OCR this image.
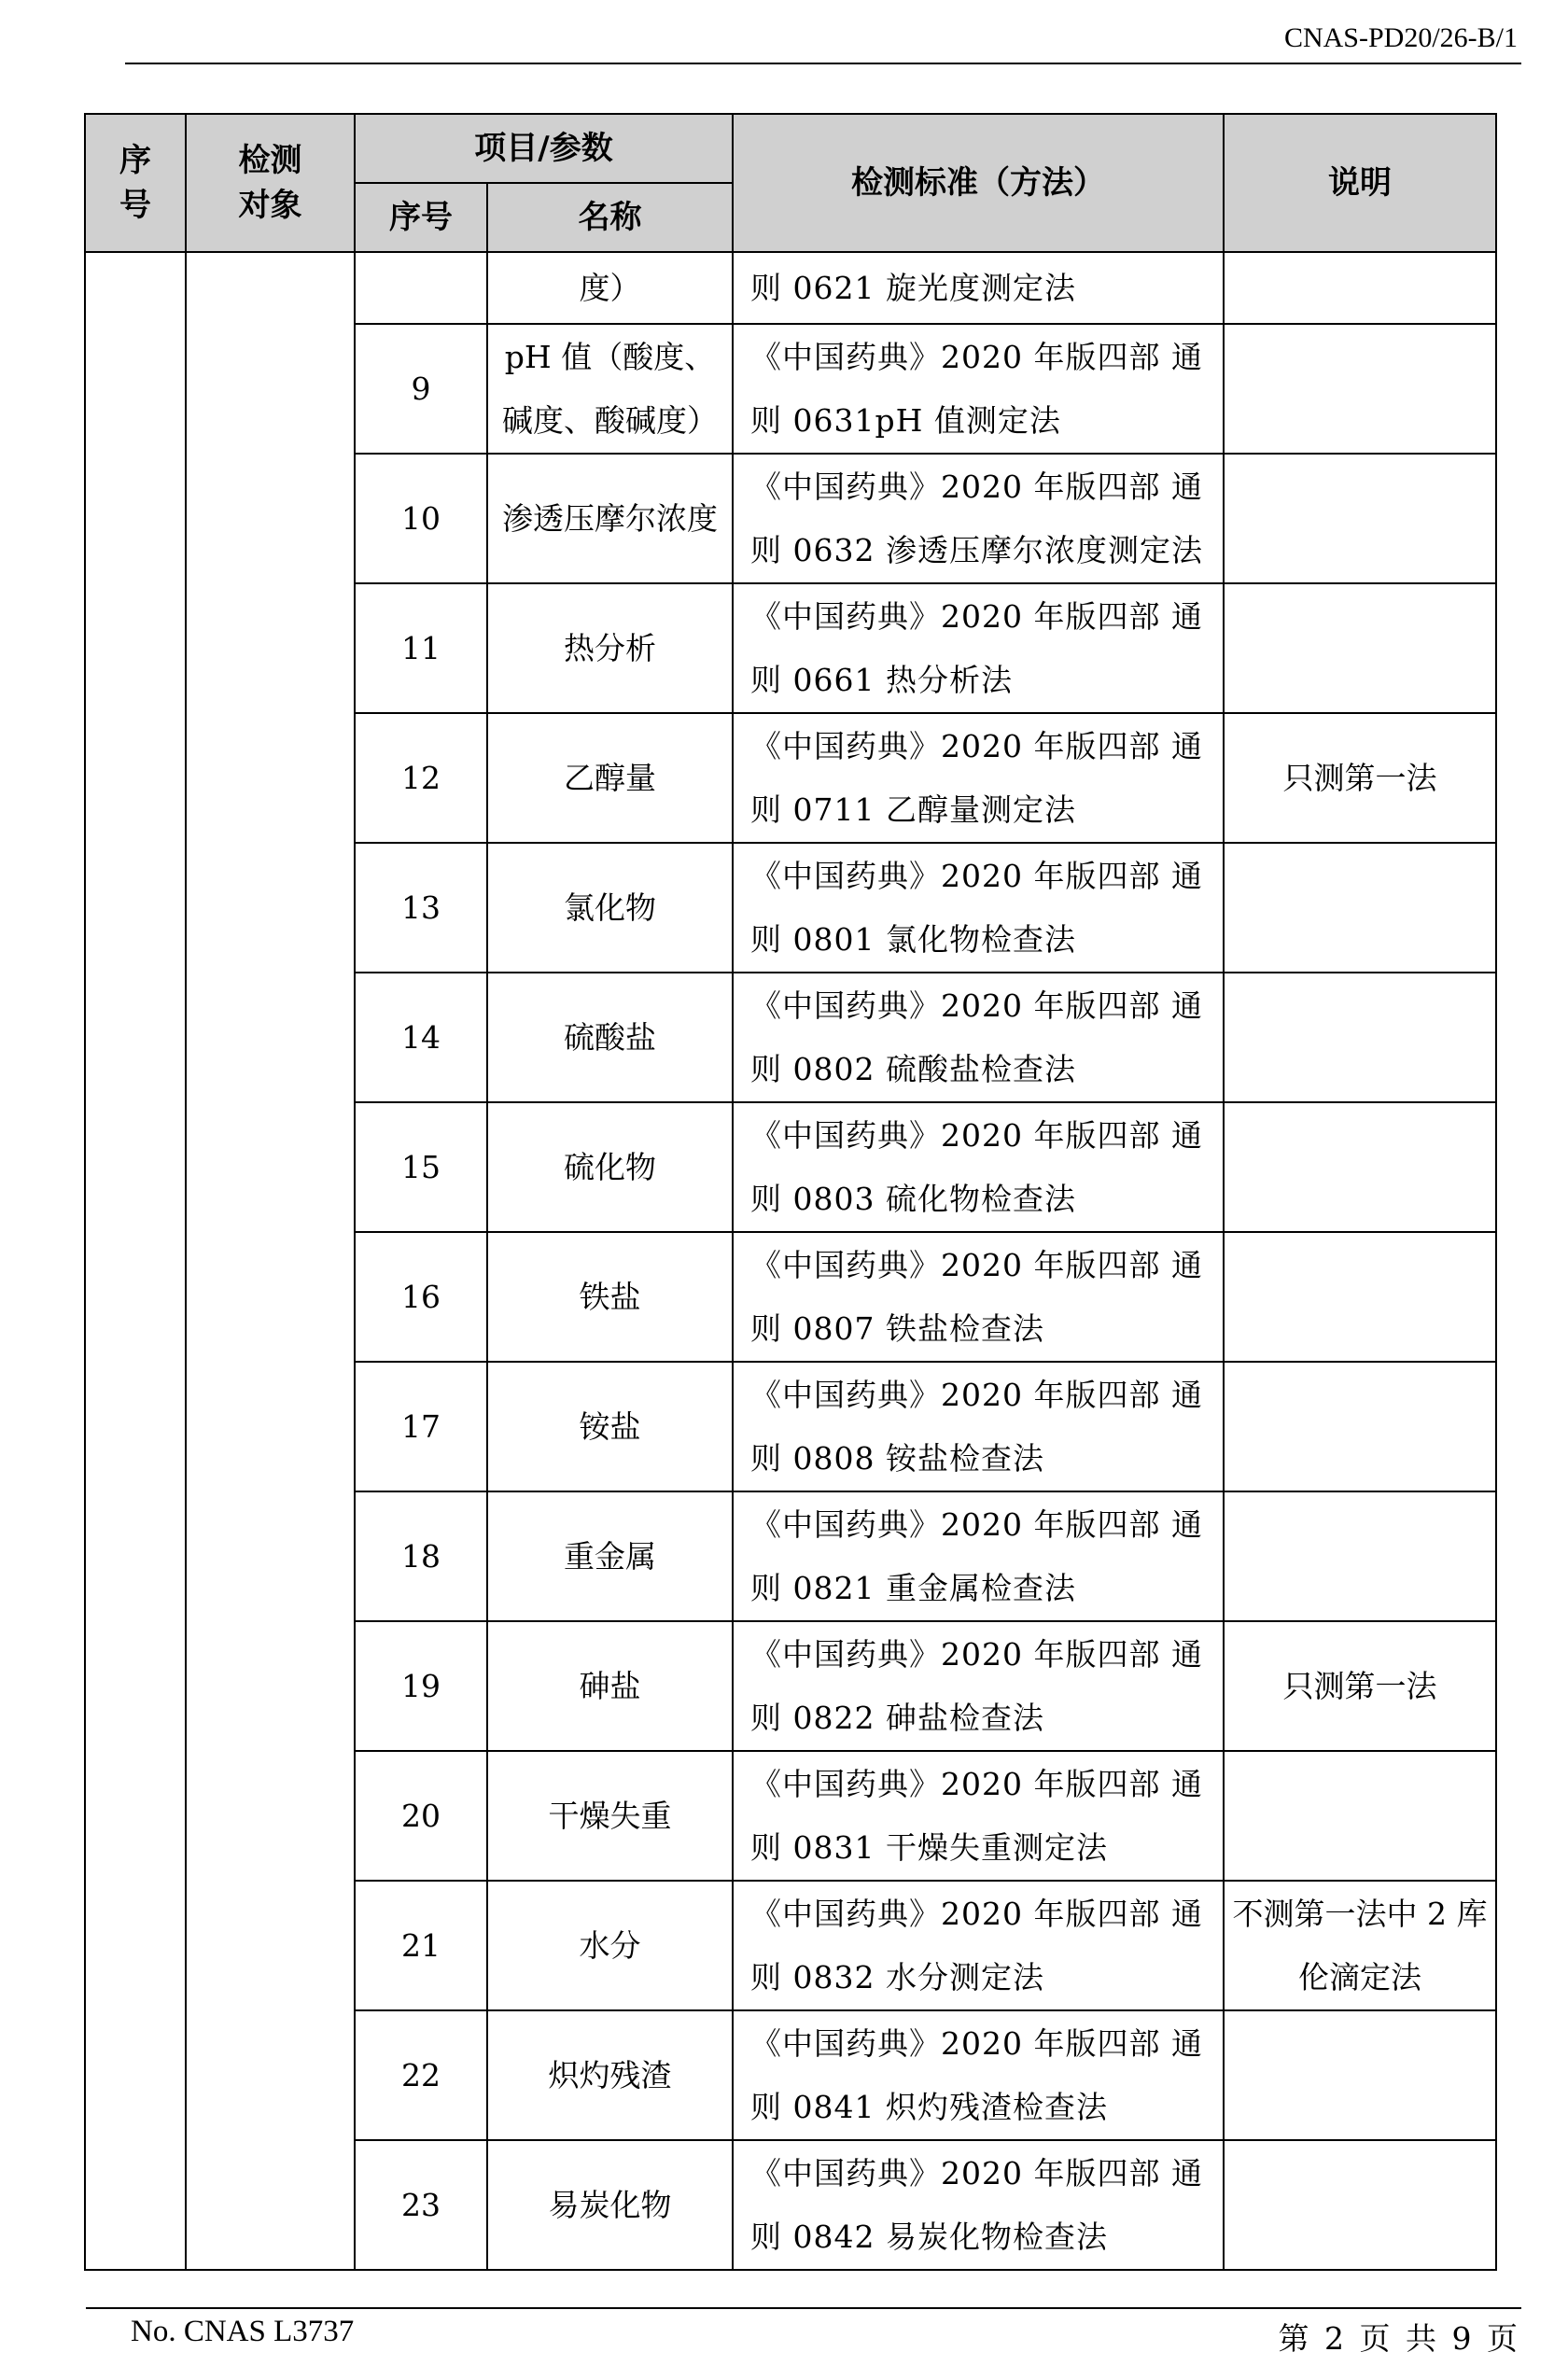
CNAS-PD20/26-B/1
序号	检测对象	项目/参数		检测标准（方法）	说明
		序号	名称		
			度）	则 0621 旋光度测定法	
		9	pH 值（酸度、碱度、酸碱度）	《中国药典》2020 年版四部 通则 0631pH 值测定法	
		10	渗透压摩尔浓度	《中国药典》2020 年版四部 通则 0632 渗透压摩尔浓度测定法	
		11	热分析	《中国药典》2020 年版四部 通则 0661 热分析法	
		12	乙醇量	《中国药典》2020 年版四部 通则 0711 乙醇量测定法	只测第一法
		13	氯化物	《中国药典》2020 年版四部 通则 0801 氯化物检查法	
		14	硫酸盐	《中国药典》2020 年版四部 通则 0802 硫酸盐检查法	
		15	硫化物	《中国药典》2020 年版四部 通则 0803 硫化物检查法	
		16	铁盐	《中国药典》2020 年版四部 通则 0807 铁盐检查法	
		17	铵盐	《中国药典》2020 年版四部 通则 0808 铵盐检查法	
		18	重金属	《中国药典》2020 年版四部 通则 0821 重金属检查法	
		19	砷盐	《中国药典》2020 年版四部 通则 0822 砷盐检查法	只测第一法
		20	干燥失重	《中国药典》2020 年版四部 通则 0831 干燥失重测定法	
		21	水分	《中国药典》2020 年版四部 通则 0832 水分测定法	不测第一法中 2 库伦滴定法
		22	炽灼残渣	《中国药典》2020 年版四部 通则 0841 炽灼残渣检查法	
		23	易炭化物	《中国药典》2020 年版四部 通则 0842 易炭化物检查法	
No. CNAS L3737	第 2 页 共 9 页
